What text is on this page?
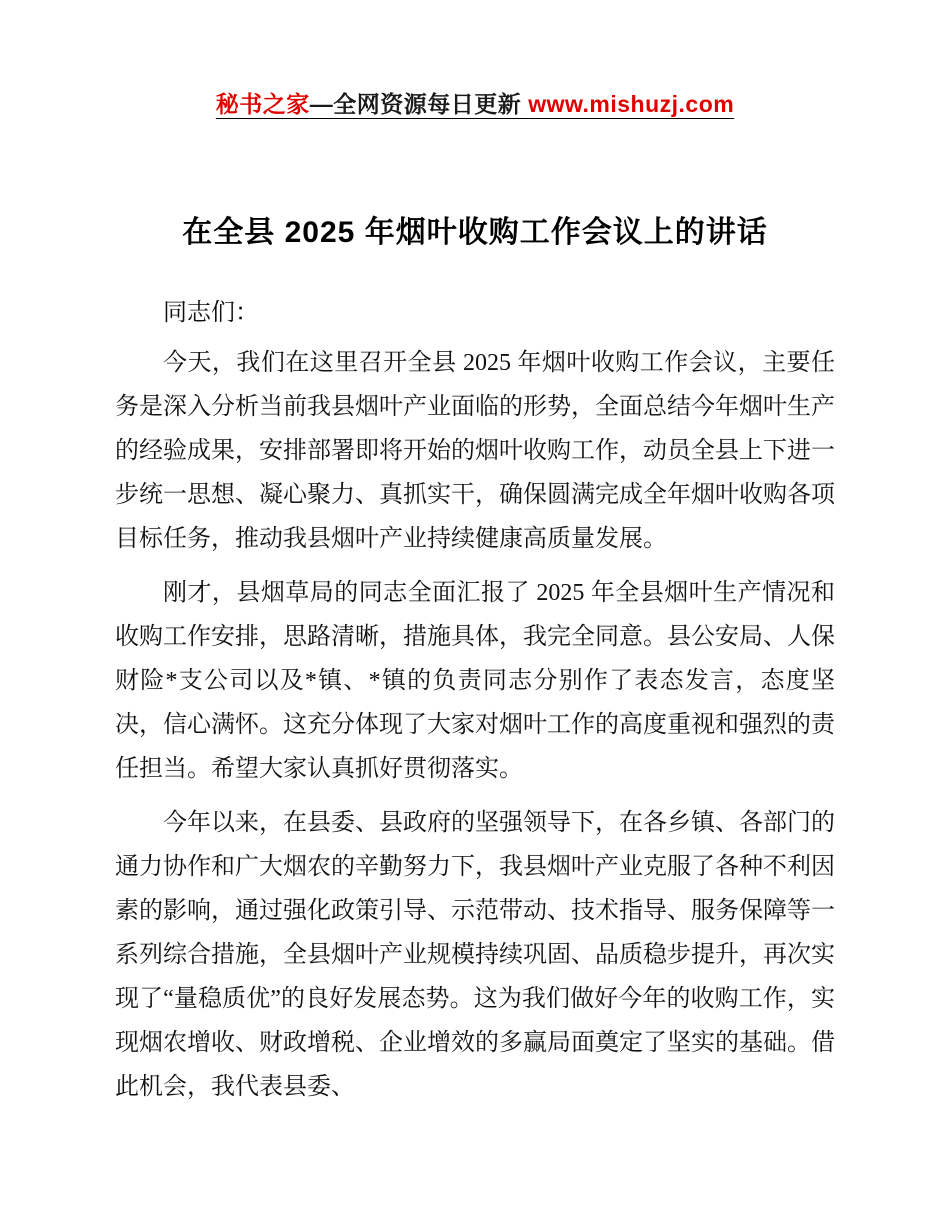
秘书之家—全网资源每日更新 www.mishuzj.com
在全县 2025 年烟叶收购工作会议上的讲话

同志们：

今天，我们在这里召开全县 2025 年烟叶收购工作会议，主要任务是深入分析当前我县烟叶产业面临的形势，全面总结今年烟叶生产的经验成果，安排部署即将开始的烟叶收购工作，动员全县上下进一步统一思想、凝心聚力、真抓实干，确保圆满完成全年烟叶收购各项目标任务，推动我县烟叶产业持续健康高质量发展。

刚才，县烟草局的同志全面汇报了 2025 年全县烟叶生产情况和收购工作安排，思路清晰，措施具体，我完全同意。县公安局、人保财险*支公司以及*镇、*镇的负责同志分别作了表态发言，态度坚决，信心满怀。这充分体现了大家对烟叶工作的高度重视和强烈的责任担当。希望大家认真抓好贯彻落实。

今年以来，在县委、县政府的坚强领导下，在各乡镇、各部门的通力协作和广大烟农的辛勤努力下，我县烟叶产业克服了各种不利因素的影响，通过强化政策引导、示范带动、技术指导、服务保障等一系列综合措施，全县烟叶产业规模持续巩固、品质稳步提升，再次实现了“量稳质优”的良好发展态势。这为我们做好今年的收购工作，实现烟农增收、财政增税、企业增效的多赢局面奠定了坚实的基础。借此机会，我代表县委、
